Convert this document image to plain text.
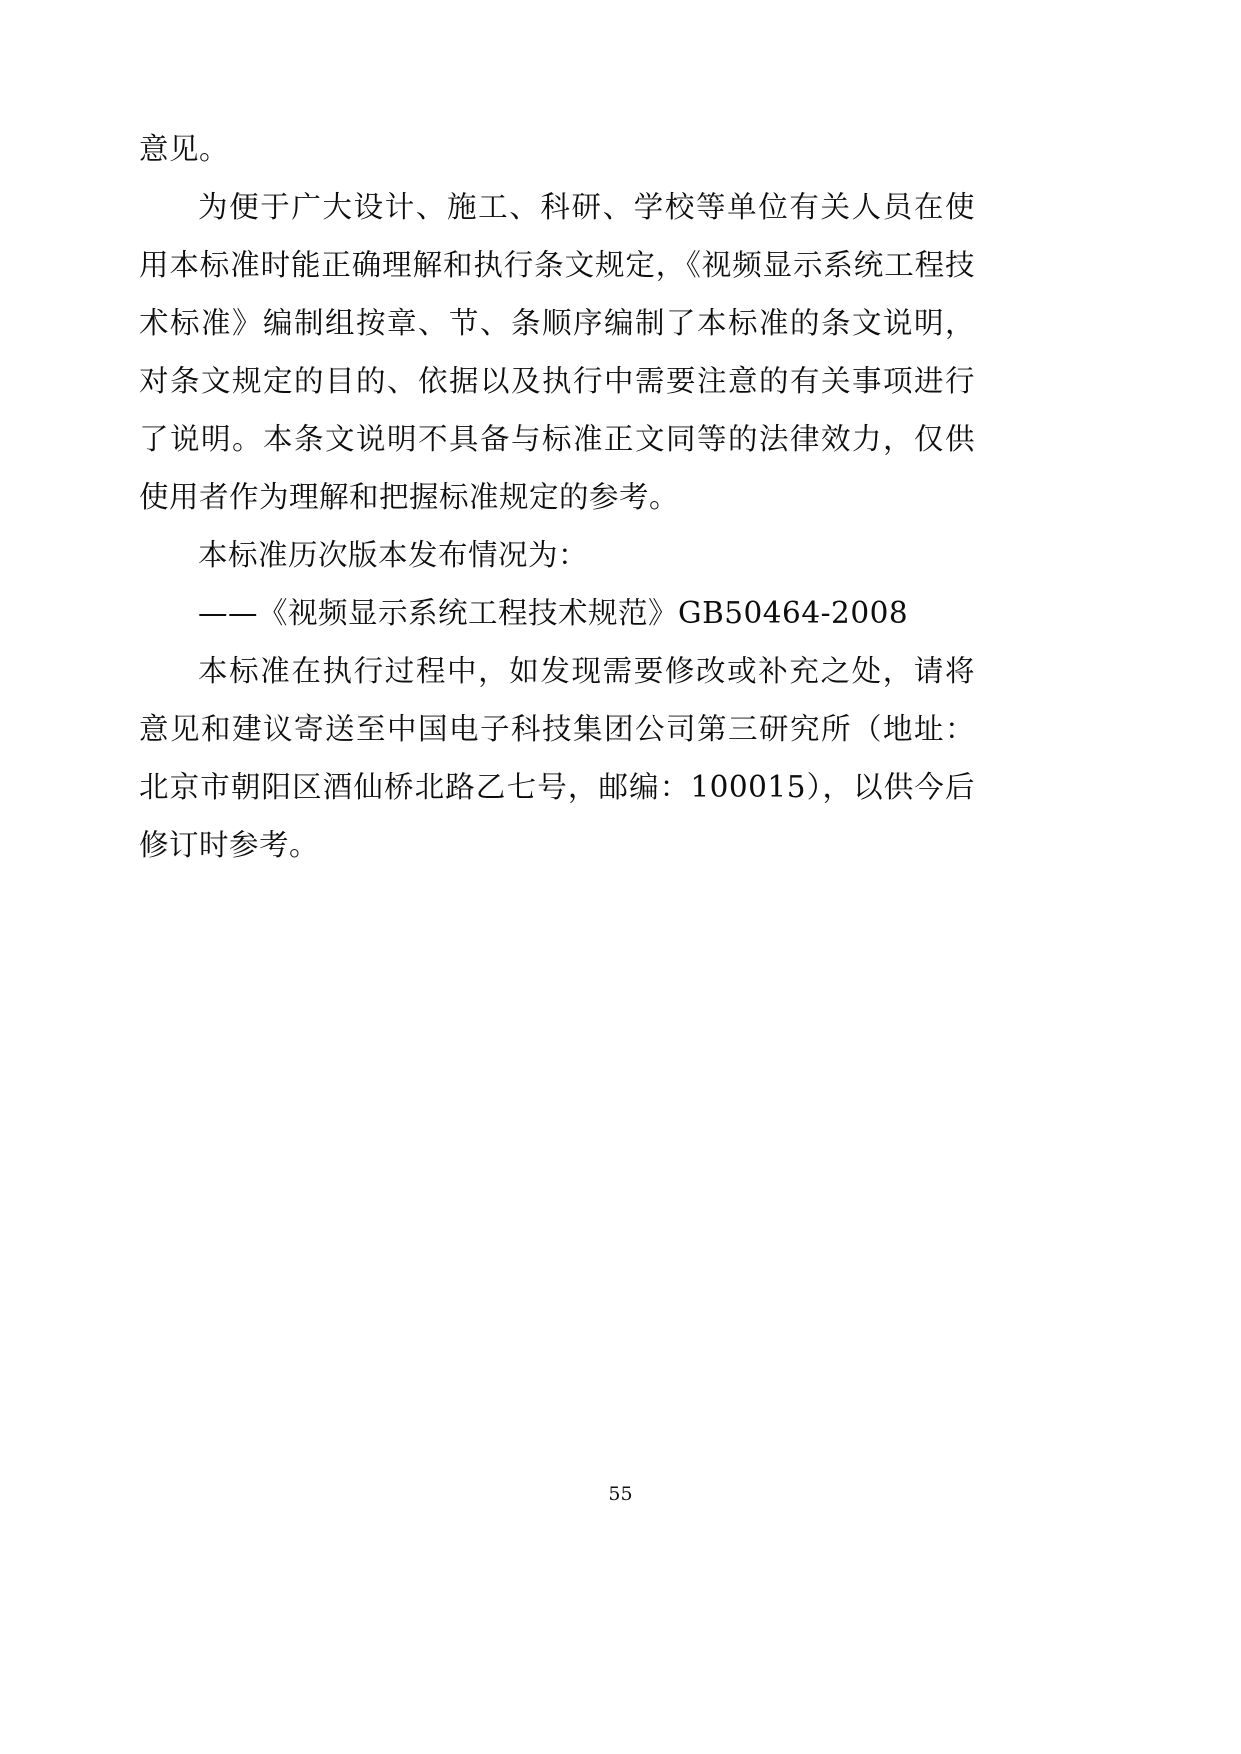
意见。

为便于广大设计、施工、科研、学校等单位有关人员在使用本标准时能正确理解和执行条文规定，《视频显示系统工程技术标准》编制组按章、节、条顺序编制了本标准的条文说明，对条文规定的目的、依据以及执行中需要注意的有关事项进行了说明。本条文说明不具备与标准正文同等的法律效力，仅供使用者作为理解和把握标准规定的参考。

本标准历次版本发布情况为：

——《视频显示系统工程技术规范》GB50464-2008

本标准在执行过程中，如发现需要修改或补充之处，请将意见和建议寄送至中国电子科技集团公司第三研究所（地址：北京市朝阳区酒仙桥北路乙七号，邮编：100015），以供今后修订时参考。

55
